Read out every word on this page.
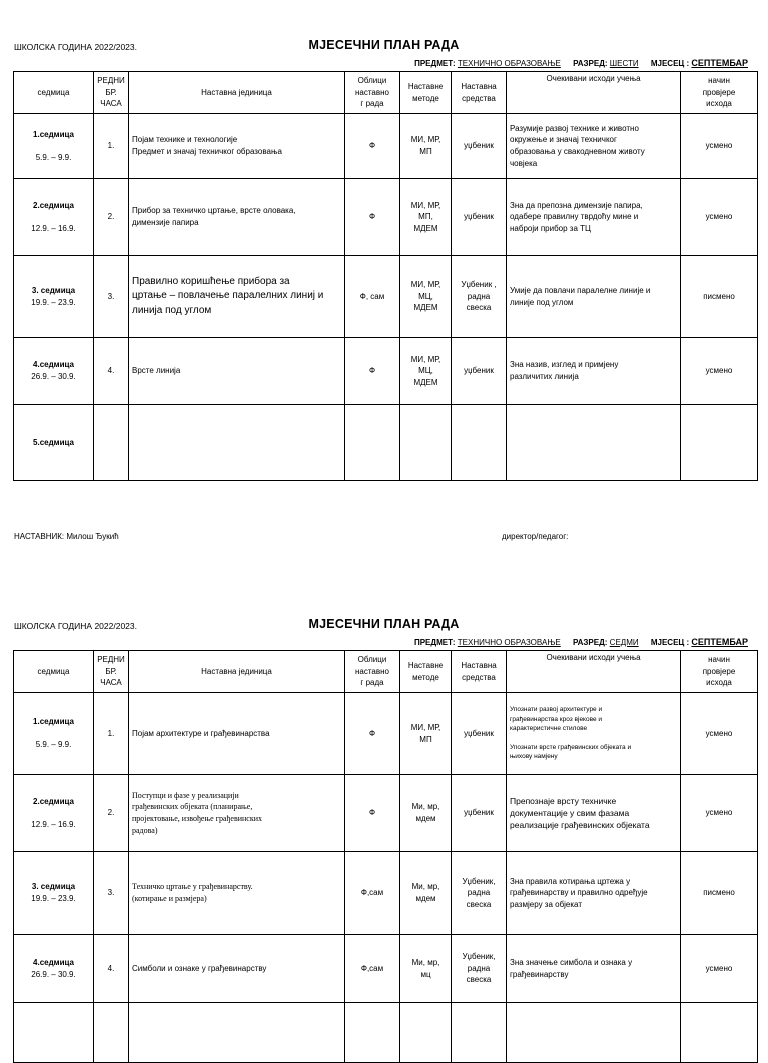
ШКОЛСКА ГОДИНА 2022/2023.	МЈЕСЕЧНИ ПЛАН РАДА
ПРЕДМЕТ: ТЕХНИЧНО ОБРАЗОВАЊЕ РАЗРЕД: ШЕСТИ МЈЕСЕЦ : СЕПТЕМБАР
седмица	РЕДНИ
БР.
ЧАСА	Наставна јединица	Облици
наставно
г рада	Наставне
методе	Наставна
средства	Очекивани исходи учења	начин
провјере
исхода

1.седмица

5.9. – 9.9.	1.	Појам технике и технологије
Предмет и значај техничког образовања	Ф	МИ, МР,
МП	уџбеник	Разумије развој технике и животно
окружење и значај техничког
образовања у свакодневном животу
човјека	усмено

2.седмица

12.9. – 16.9.	2.	Прибор за техничко цртање, врсте оловака,
димензије папира	Ф	МИ, МР,
МП,
МДЕМ	уџбеник	Зна да препозна димензије папира,
одабере правилну тврдоћу мине и
наброји прибор за ТЦ	усмено

3. седмица
19.9. – 23.9.	3.	Правилно коришћење прибора за
цртање – повлачење паралелних линиј и
линија под углом	Ф, сам	МИ, МР,
МЦ,
МДЕМ	Уџбеник ,
радна
свеска	Умије да повлачи паралелне линије и
линије под углом	писмено

4.седмица
26.9. – 30.9.	4.	Врсте линија	Ф	МИ, МР,
МЦ,
МДЕМ	уџбеник	Зна назив, изглед и примјену
различитих линија	усмено

5.седмица							

НАСТАВНИК: Милош Ђукић	директор/педагог:
ШКОЛСКА ГОДИНА 2022/2023.	МЈЕСЕЧНИ ПЛАН РАДА
ПРЕДМЕТ: ТЕХНИЧНО ОБРАЗОВАЊЕ РАЗРЕД: СЕДМИ МЈЕСЕЦ : СЕПТЕМБАР
седмица	РЕДНИ
БР.
ЧАСА	Наставна јединица	Облици
наставно
г рада	Наставне
методе	Наставна
средства	Очекивани исходи учења	начин
провјере
исхода

1.седмица

5.9. – 9.9.	1.	Појам архитектуре и грађевинарства	Ф	МИ, МР,
МП	уџбеник	Упознати развој архитектуре и
грађевинарства кроз вјекове и
карактеристичне стилове

Упознати врсте грађевинских објеката и
њихову намјену	усмено

2.седмица

12.9. – 16.9.	2.	Поступци и фазе у реализацији
грађевинских објеката (планирање,
пројектовање, извођење грађевинских
радова)	Ф	Ми, мр,
мдем	уџбеник	Препознаје врсту техничке
документације у свим фазама
реализације грађевинских објеката	усмено

3. седмица
19.9. – 23.9.	3.	Техничко цртање у грађевинарству.
(котирање и размјера)	Ф,сам	Ми, мр,
мдем	Уџбеник,
радна
свеска	Зна правила котирања цртежа у
грађевинарству и правилно одређује
размјеру за објекат	писмено

4.седмица
26.9. – 30.9.	4.	Симболи и ознаке у грађевинарству	Ф,сам	Ми, мр,
мц	Уџбеник,
радна
свеска	Зна значење симбола и ознака у
грађевинарству	усмено
